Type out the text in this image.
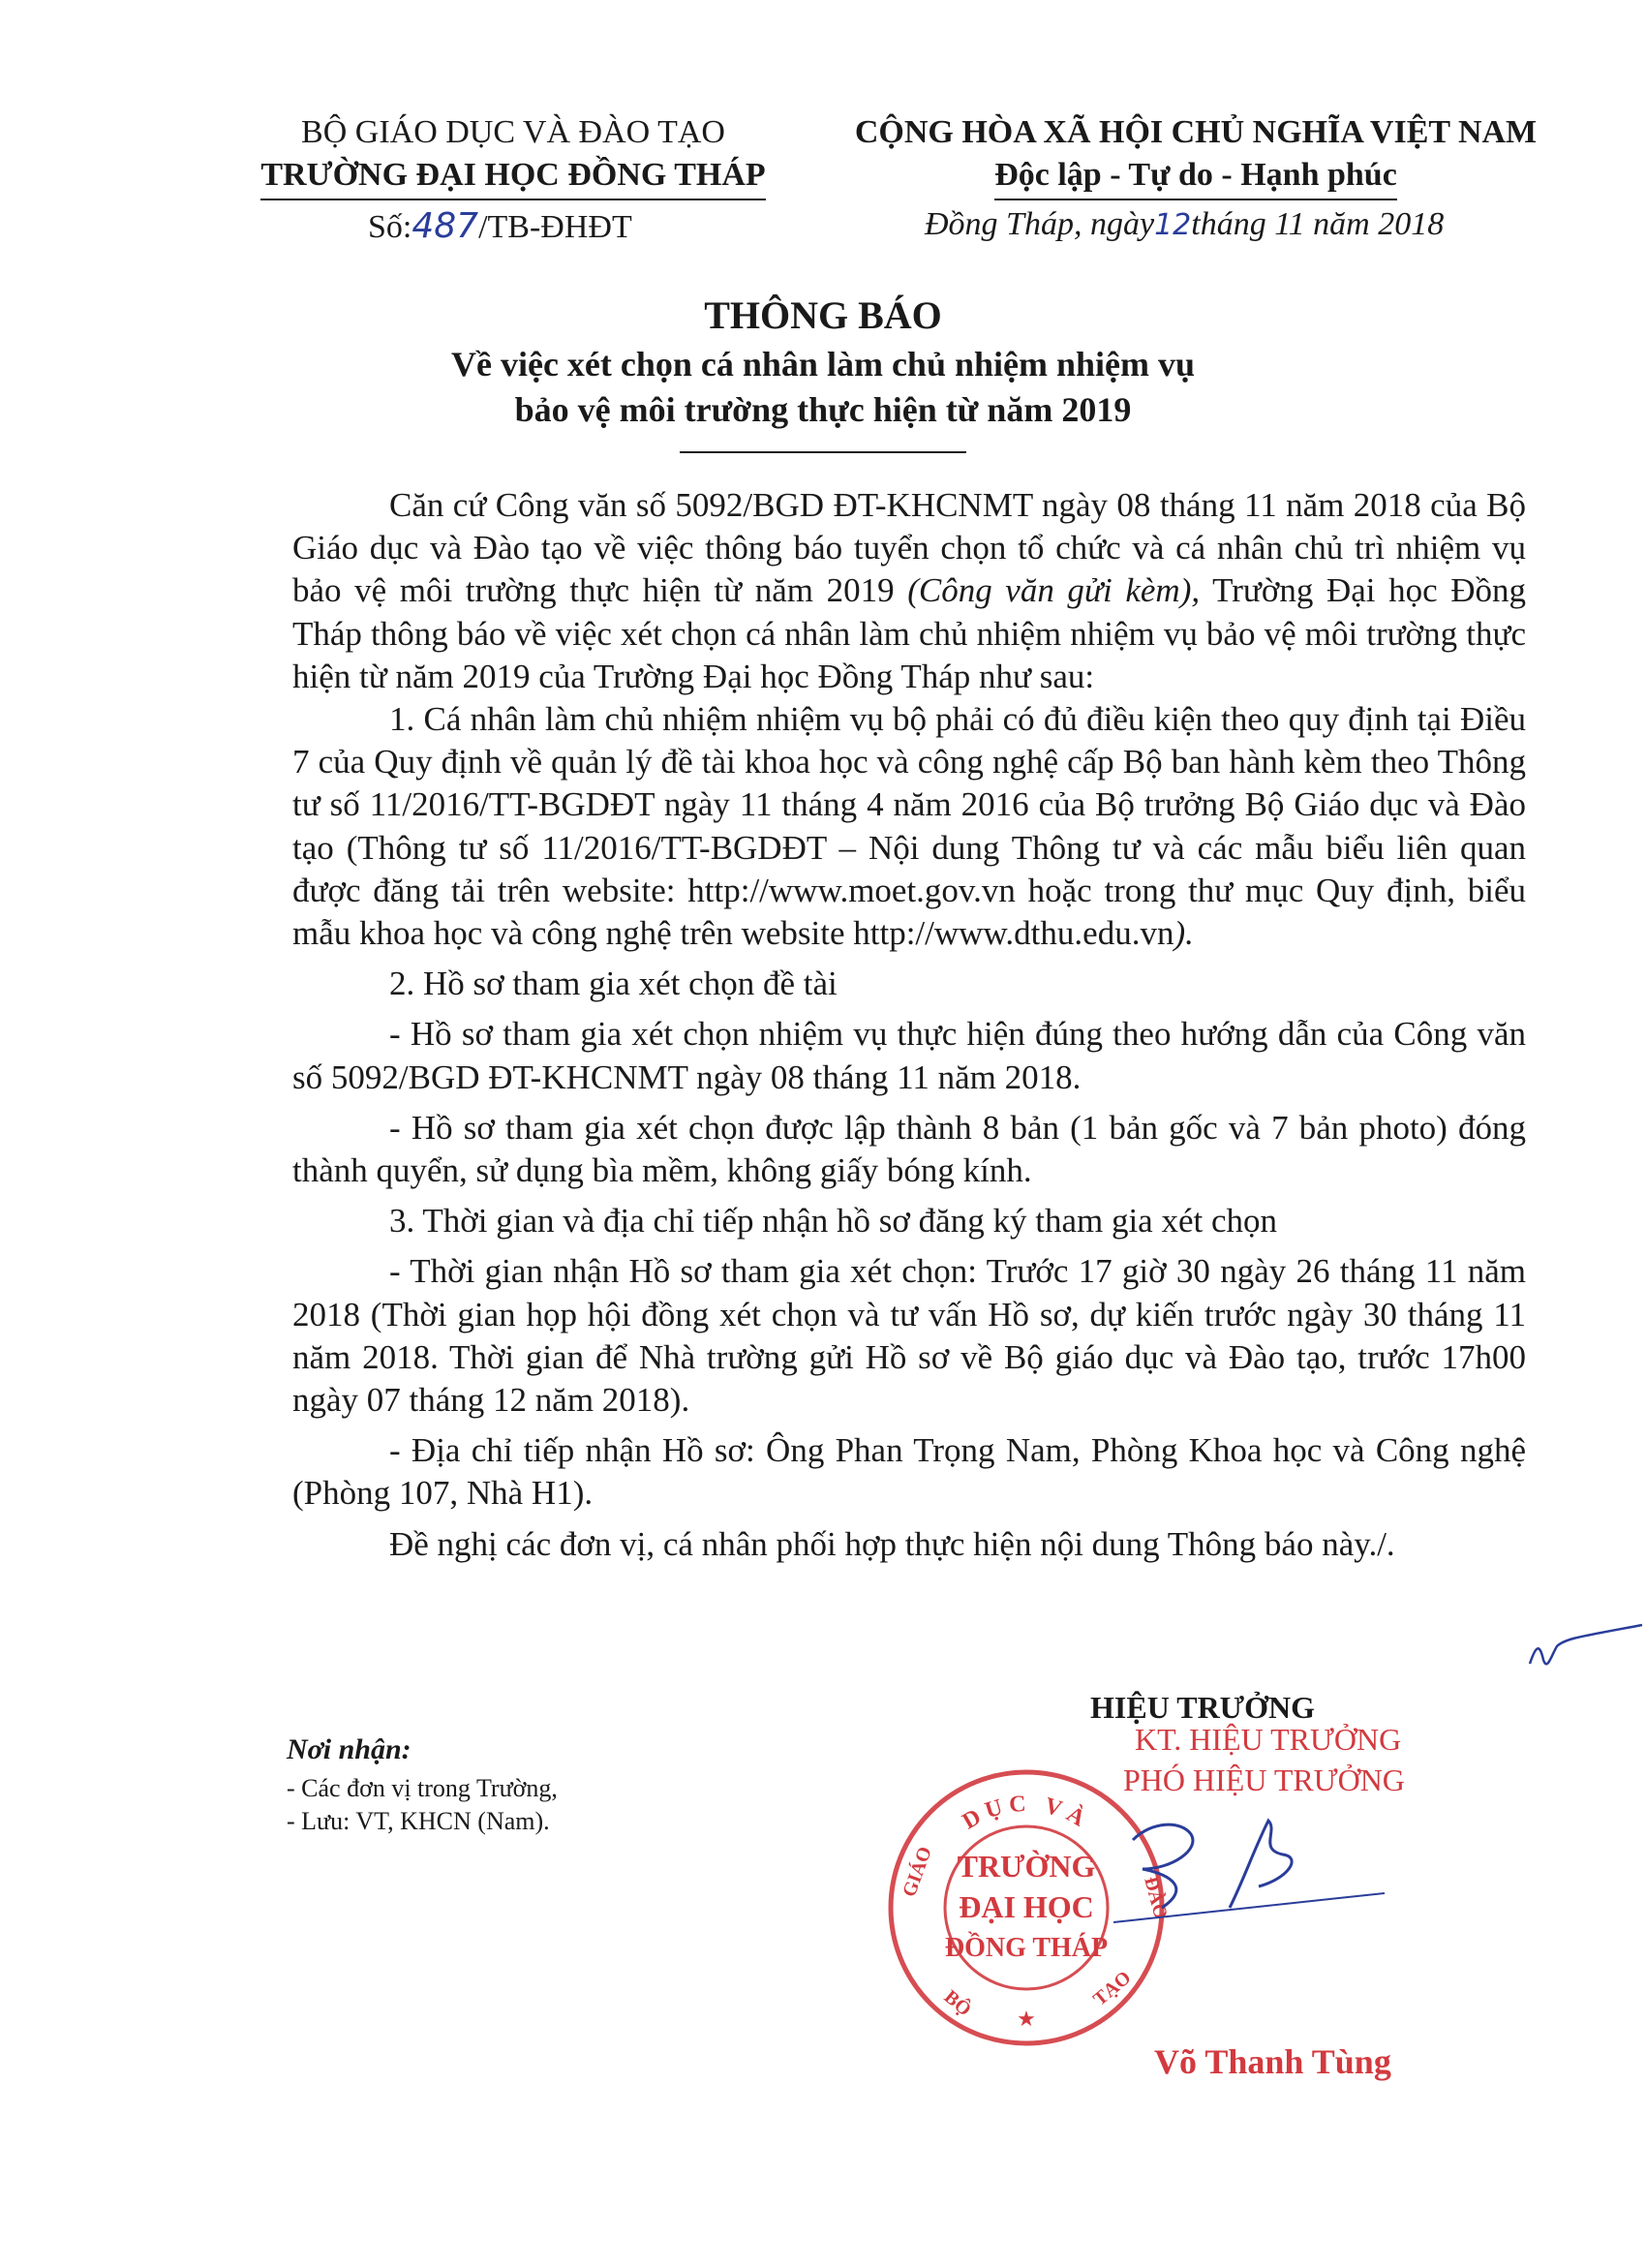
BỘ GIÁO DỤC VÀ ĐÀO TẠO
TRƯỜNG ĐẠI HỌC ĐỒNG THÁP
Số:487/TB-ĐHĐT
CỘNG HÒA XÃ HỘI CHỦ NGHĨA VIỆT NAM
Độc lập - Tự do - Hạnh phúc
Đồng Tháp, ngày12tháng 11 năm 2018
THÔNG BÁO
Về việc xét chọn cá nhân làm chủ nhiệm nhiệm vụ
bảo vệ môi trường thực hiện từ năm 2019

Căn cứ Công văn số 5092/BGD ĐT-KHCNMT ngày 08 tháng 11 năm 2018 của Bộ Giáo dục và Đào tạo về việc thông báo tuyển chọn tổ chức và cá nhân chủ trì nhiệm vụ bảo vệ môi trường thực hiện từ năm 2019 (Công văn gửi kèm), Trường Đại học Đồng Tháp thông báo về việc xét chọn cá nhân làm chủ nhiệm nhiệm vụ bảo vệ môi trường thực hiện từ năm 2019 của Trường Đại học Đồng Tháp như sau:

1. Cá nhân làm chủ nhiệm nhiệm vụ bộ phải có đủ điều kiện theo quy định tại Điều 7 của Quy định về quản lý đề tài khoa học và công nghệ cấp Bộ ban hành kèm theo Thông tư số 11/2016/TT-BGDĐT ngày 11 tháng 4 năm 2016 của Bộ trưởng Bộ Giáo dục và Đào tạo (Thông tư số 11/2016/TT-BGDĐT – Nội dung Thông tư và các mẫu biểu liên quan được đăng tải trên website: http://www.moet.gov.vn hoặc trong thư mục Quy định, biểu mẫu khoa học và công nghệ trên website http://www.dthu.edu.vn).

2. Hồ sơ tham gia xét chọn đề tài

- Hồ sơ tham gia xét chọn nhiệm vụ thực hiện đúng theo hướng dẫn của Công văn số 5092/BGD ĐT-KHCNMT ngày 08 tháng 11 năm 2018.

- Hồ sơ tham gia xét chọn được lập thành 8 bản (1 bản gốc và 7 bản photo) đóng thành quyển, sử dụng bìa mềm, không giấy bóng kính.

3. Thời gian và địa chỉ tiếp nhận hồ sơ đăng ký tham gia xét chọn

- Thời gian nhận Hồ sơ tham gia xét chọn: Trước 17 giờ 30 ngày 26 tháng 11 năm 2018 (Thời gian họp hội đồng xét chọn và tư vấn Hồ sơ, dự kiến trước ngày 30 tháng 11 năm 2018. Thời gian để Nhà trường gửi Hồ sơ về Bộ giáo dục và Đào tạo, trước 17h00 ngày 07 tháng 12 năm 2018).

- Địa chỉ tiếp nhận Hồ sơ: Ông Phan Trọng Nam, Phòng Khoa học và Công nghệ (Phòng 107, Nhà H1).

Đề nghị các đơn vị, cá nhân phối hợp thực hiện nội dung Thông báo này./.

Nơi nhận:
- Các đơn vị trong Trường,
- Lưu: VT, KHCN (Nam).
HIỆU TRƯỞNG
KT. HIỆU TRƯỞNG
PHÓ HIỆU TRƯỞNG
DỤC VÀ
GIÁO	ĐÀO
BỘ	TẠO
TRƯỜNG
ĐẠI HỌC
ĐỒNG THÁP
★
Võ Thanh Tùng
